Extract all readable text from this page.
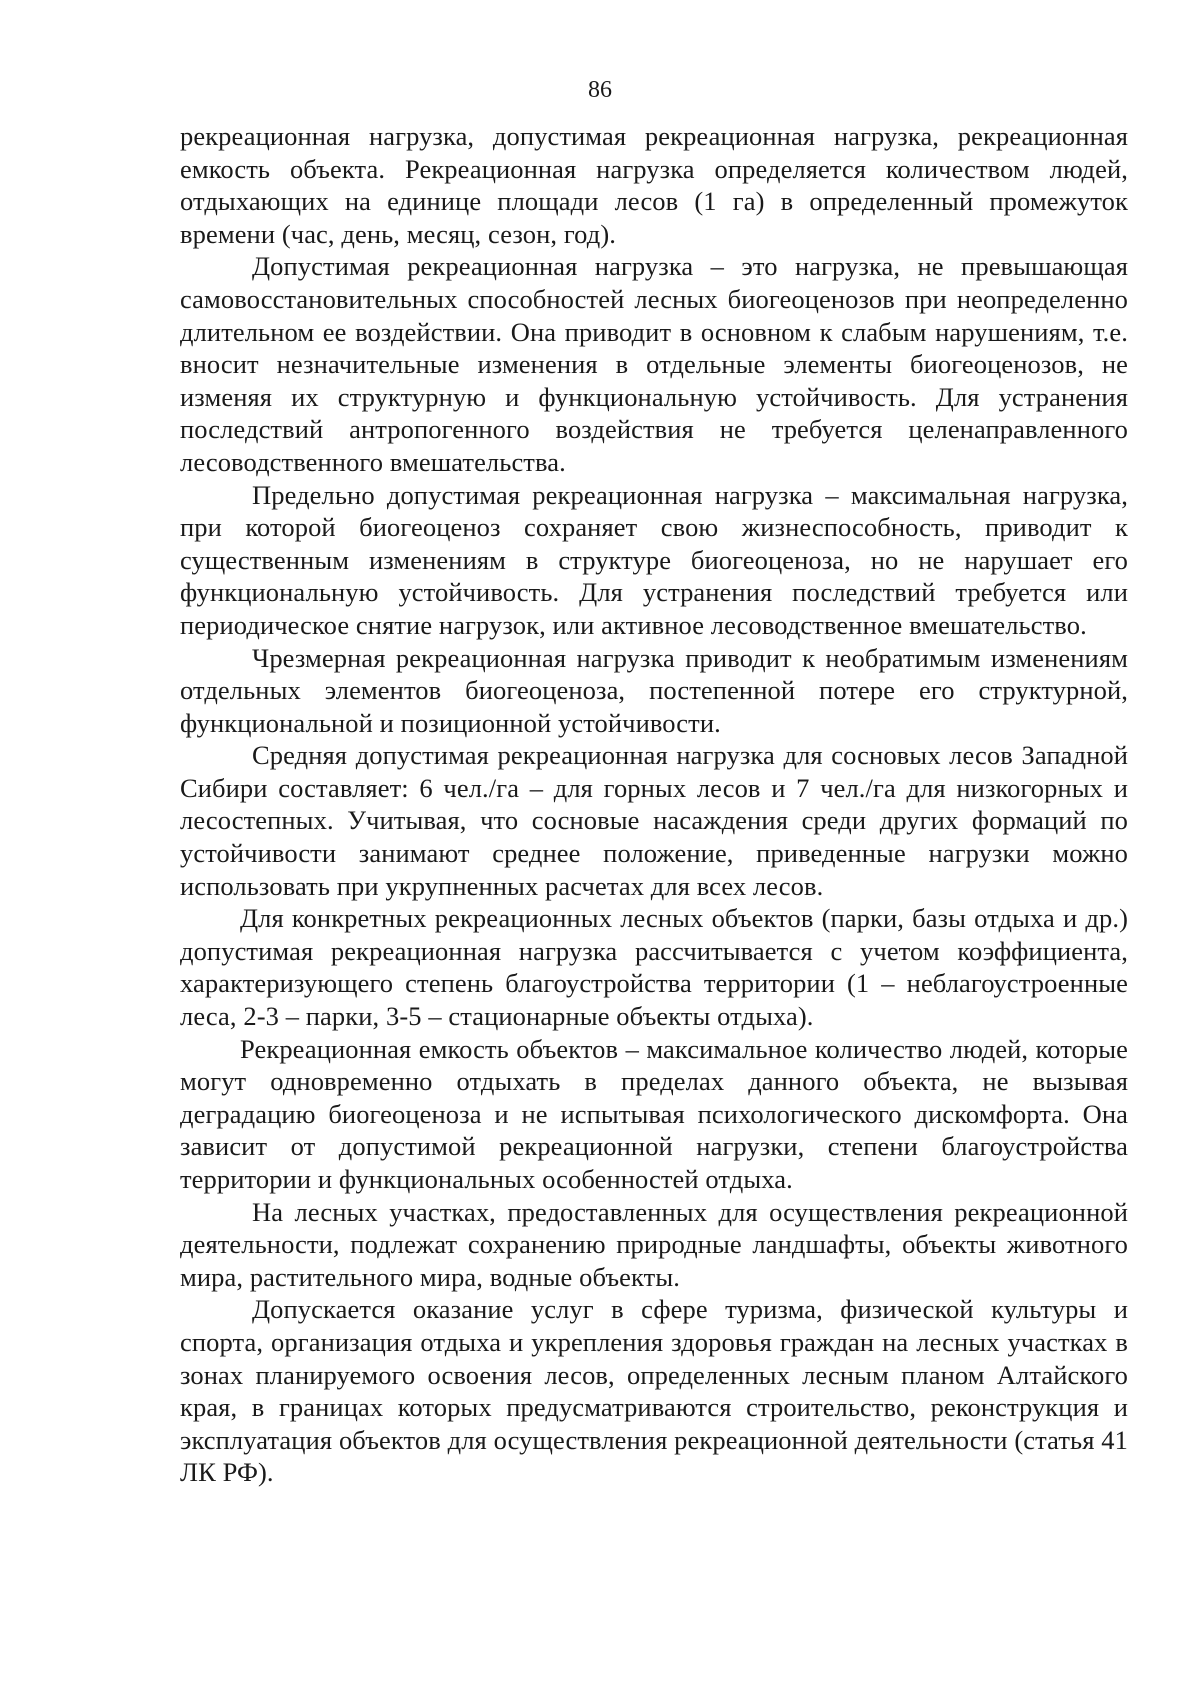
86

рекреационная нагрузка, допустимая рекреационная нагрузка, рекреационная емкость объекта. Рекреационная нагрузка определяется количеством людей, отдыхающих на единице площади лесов (1 га) в определенный промежуток времени (час, день, месяц, сезон, год).

Допустимая рекреационная нагрузка – это нагрузка, не превышающая самовосстановительных способностей лесных биогеоценозов при неопределенно длительном ее воздействии. Она приводит в основном к слабым нарушениям, т.е. вносит незначительные изменения в отдельные элементы биогеоценозов, не изменяя их структурную и функциональную устойчивость. Для устранения последствий антропогенного воздействия не требуется целенаправленного лесоводственного вмешательства.

Предельно допустимая рекреационная нагрузка – максимальная нагрузка, при которой биогеоценоз сохраняет свою жизнеспособность, приводит к существенным изменениям в структуре биогеоценоза, но не нарушает его функциональную устойчивость. Для устранения последствий требуется или периодическое снятие нагрузок, или активное лесоводственное вмешательство.

Чрезмерная рекреационная нагрузка приводит к необратимым изменениям отдельных элементов биогеоценоза, постепенной потере его структурной, функциональной и позиционной устойчивости.

Средняя допустимая рекреационная нагрузка для сосновых лесов Западной Сибири составляет: 6 чел./га – для горных лесов и 7 чел./га для низкогорных и лесостепных. Учитывая, что сосновые насаждения среди других формаций по устойчивости занимают среднее положение, приведенные нагрузки можно использовать при укрупненных расчетах для всех лесов.

Для конкретных рекреационных лесных объектов (парки, базы отдыха и др.) допустимая рекреационная нагрузка рассчитывается с учетом коэффициента, характеризующего степень благоустройства территории (1 – неблагоустроенные леса, 2-3 – парки, 3-5 – стационарные объекты отдыха).

Рекреационная емкость объектов – максимальное количество людей, которые могут одновременно отдыхать в пределах данного объекта, не вызывая деградацию биогеоценоза и не испытывая психологического дискомфорта. Она зависит от допустимой рекреационной нагрузки, степени благоустройства территории и функциональных особенностей отдыха.

На лесных участках, предоставленных для осуществления рекреационной деятельности, подлежат сохранению природные ландшафты, объекты животного мира, растительного мира, водные объекты.

Допускается оказание услуг в сфере туризма, физической культуры и спорта, организация отдыха и укрепления здоровья граждан на лесных участках в зонах планируемого освоения лесов, определенных лесным планом Алтайского края, в границах которых предусматриваются строительство, реконструкция и эксплуатация объектов для осуществления рекреационной деятельности (статья 41 ЛК РФ).
